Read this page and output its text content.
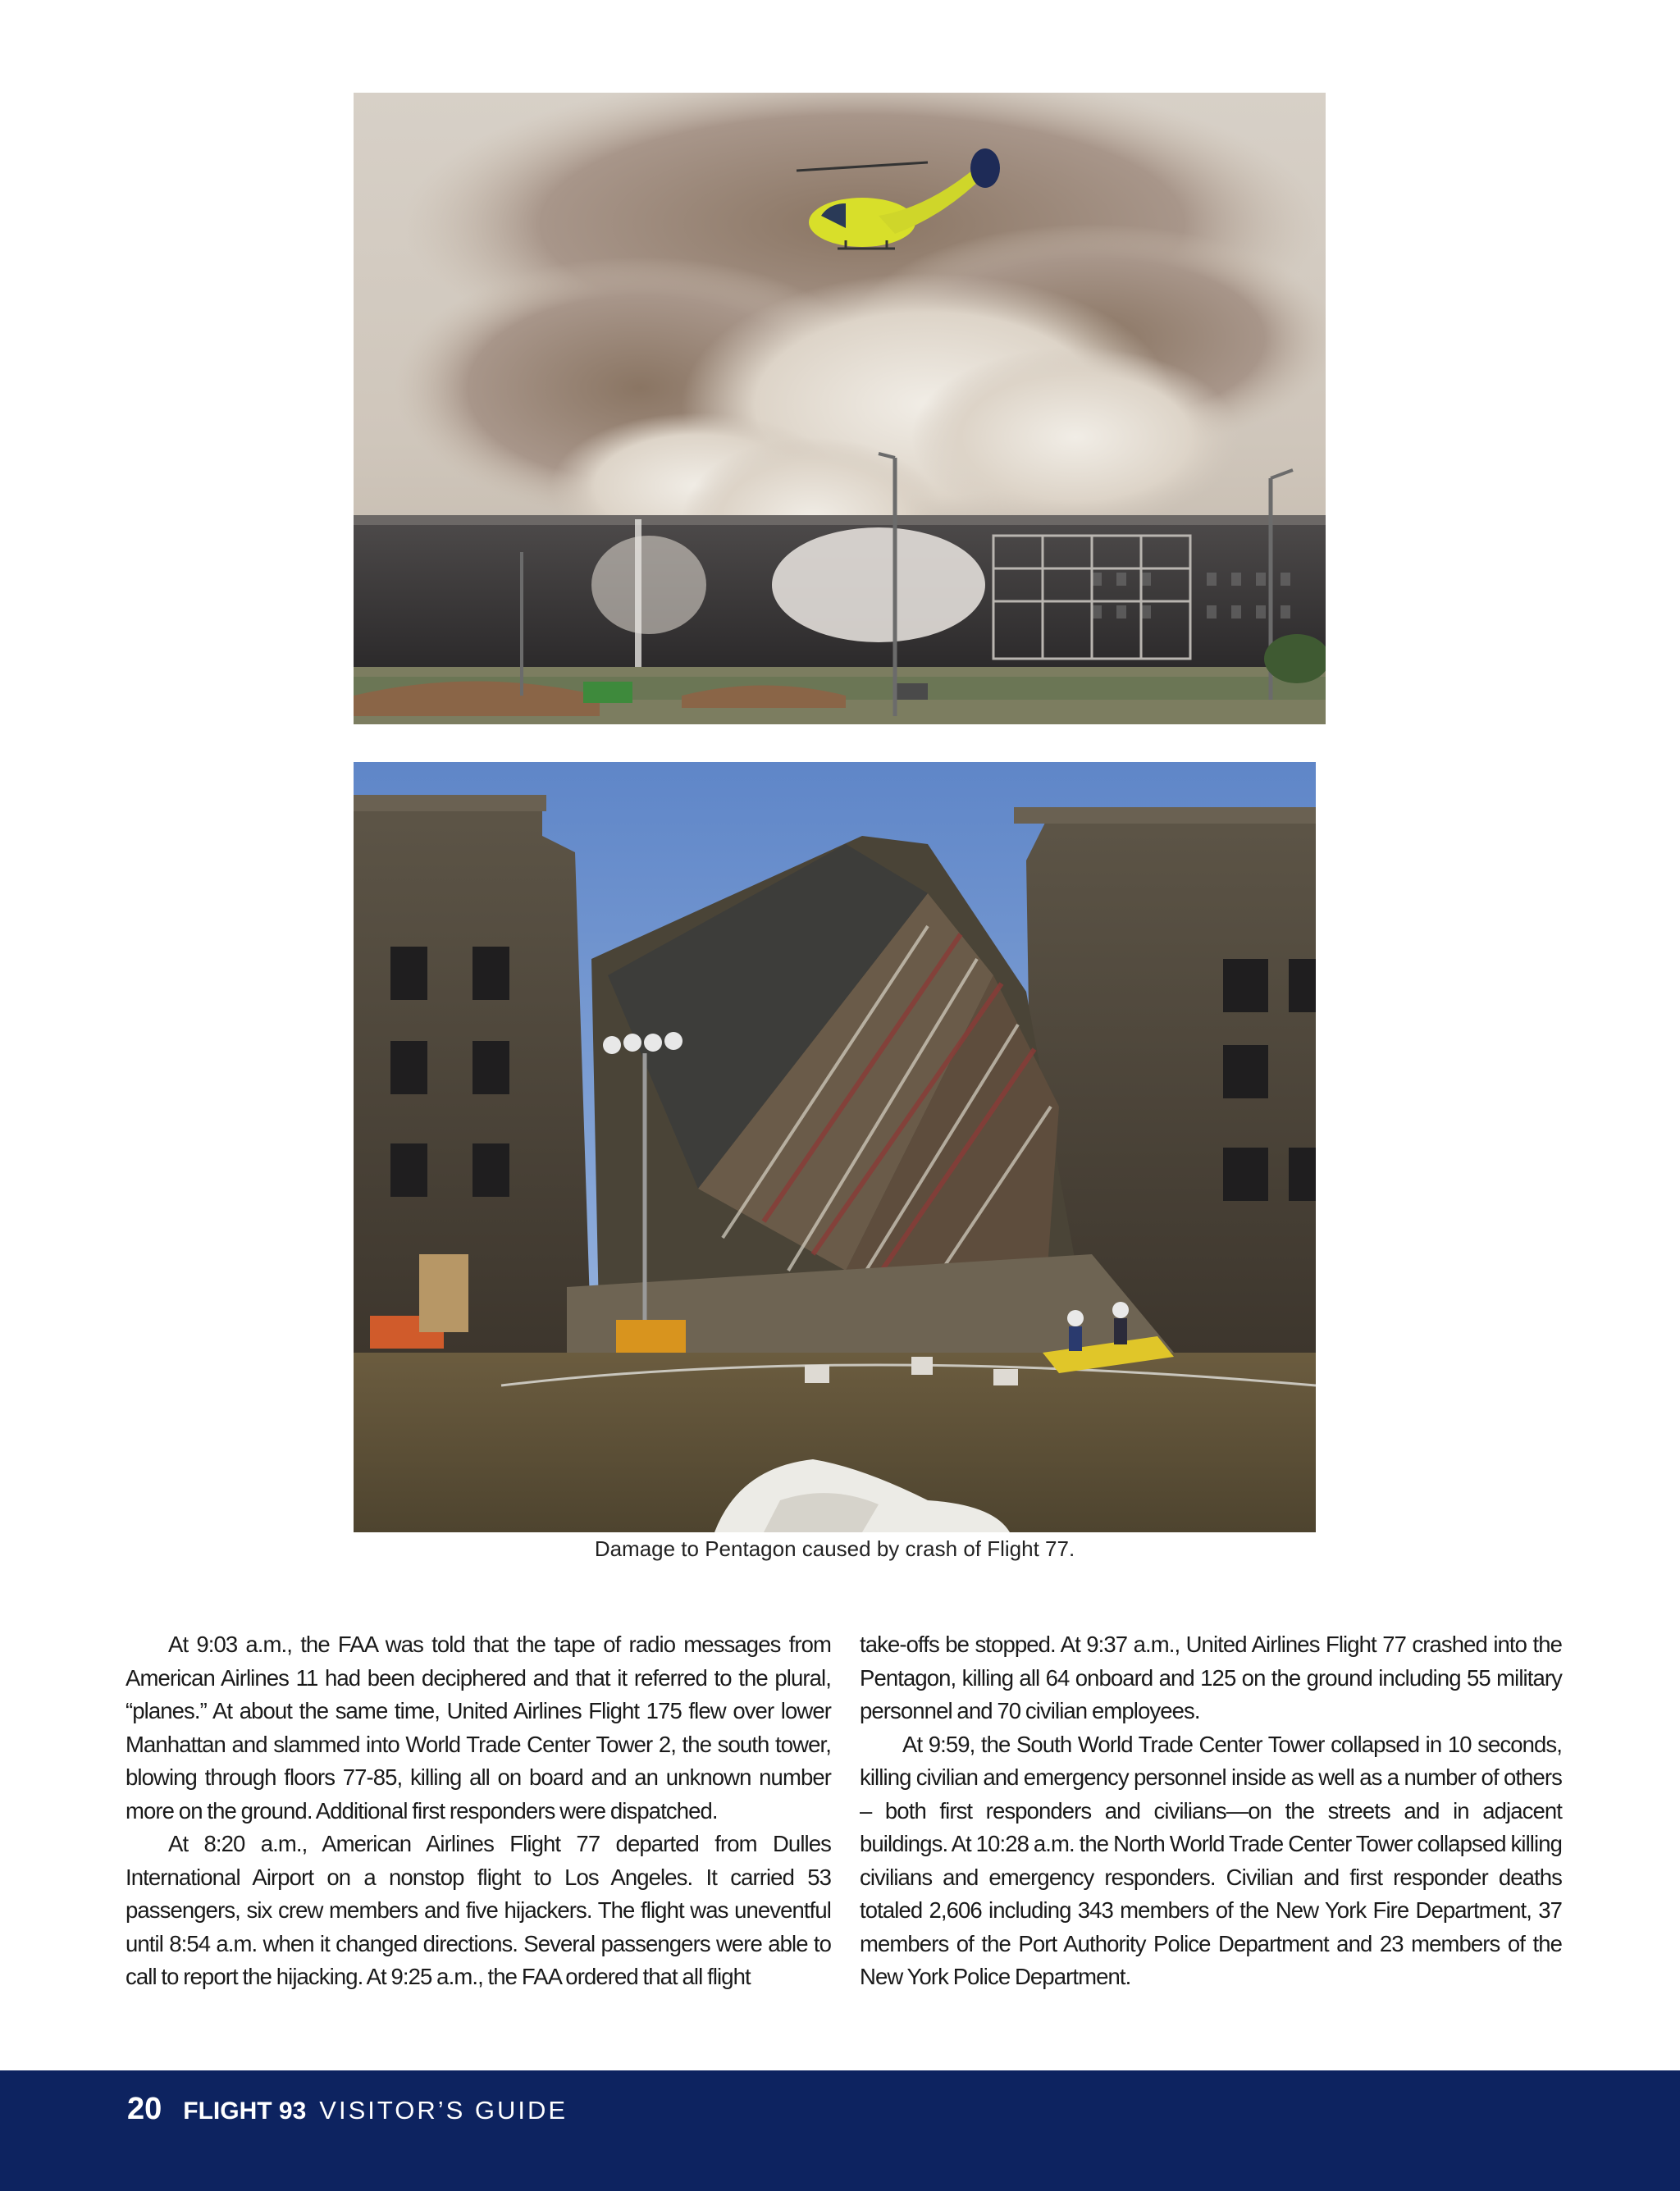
Damage to Pentagon caused by crash of Flight 77.

At 9:03 a.m., the FAA was told that the tape of radio messages from American Airlines 11 had been deciphered and that it referred to the plural, “planes.” At about the same time, United Airlines Flight 175 flew over lower Manhattan and slammed into World Trade Center Tower 2, the south tower, blowing through floors 77-85, killing all on board and an unknown number more on the ground. Additional first responders were dispatched.

At 8:20 a.m., American Airlines Flight 77 departed from Dulles International Airport on a nonstop flight to Los Angeles. It carried 53 passengers, six crew members and five hijackers. The flight was uneventful until 8:54 a.m. when it changed directions. Several passengers were able to call to report the hijacking. At 9:25 a.m., the FAA ordered that all flight

take-offs be stopped. At 9:37 a.m., United Airlines Flight 77 crashed into the Pentagon, killing all 64 onboard and 125 on the ground including 55 military personnel and 70 civilian employees.

At 9:59, the South World Trade Center Tower collapsed in 10 seconds, killing civilian and emergency personnel inside as well as a number of others – both first responders and civilians—on the streets and in adjacent buildings. At 10:28 a.m. the North World Trade Center Tower collapsed killing civilians and emergency responders. Civilian and first responder deaths totaled 2,606 including 343 members of the New York Fire Department, 37 members of the Port Authority Police Department and 23 members of the New York Police Department.

20 FLIGHT 93 VISITOR’S GUIDE
